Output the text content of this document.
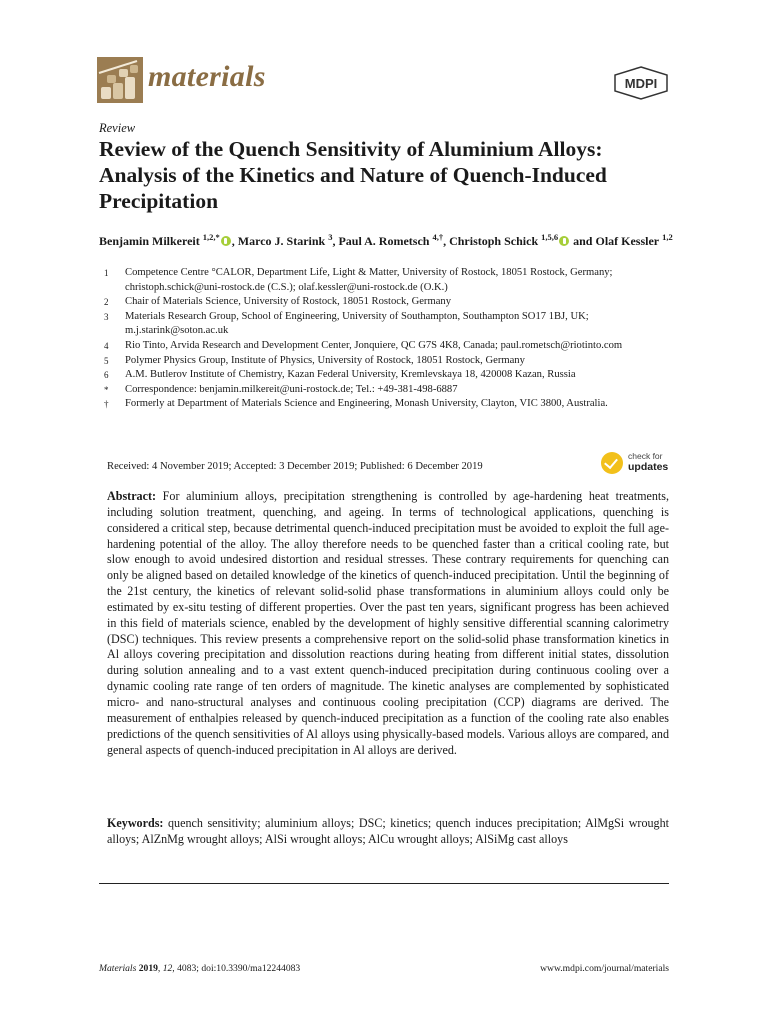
materials	MDPI
Review
Review of the Quench Sensitivity of Aluminium Alloys: Analysis of the Kinetics and Nature of Quench-Induced Precipitation
Benjamin Milkereit $^{1,2,*}$ , Marco J. Starink $^3$, Paul A. Rometsch $^{4,\dagger}$, Christoph Schick $^{1,5,6}$ and Olaf Kessler $^{1,2}$
1	Competence Centre °CALOR, Department Life, Light & Matter, University of Rostock, 18051 Rostock, Germany; christoph.schick@uni-rostock.de (C.S.); olaf.kessler@uni-rostock.de (O.K.)
2	Chair of Materials Science, University of Rostock, 18051 Rostock, Germany
3	Materials Research Group, School of Engineering, University of Southampton, Southampton SO17 1BJ, UK; m.j.starink@soton.ac.uk
4	Rio Tinto, Arvida Research and Development Center, Jonquiere, QC G7S 4K8, Canada; paul.rometsch@riotinto.com
5	Polymer Physics Group, Institute of Physics, University of Rostock, 18051 Rostock, Germany
6	A.M. Butlerov Institute of Chemistry, Kazan Federal University, Kremlevskaya 18, 420008 Kazan, Russia
*	Correspondence: benjamin.milkereit@uni-rostock.de; Tel.: +49-381-498-6887
†	Formerly at Department of Materials Science and Engineering, Monash University, Clayton, VIC 3800, Australia.
Received: 4 November 2019; Accepted: 3 December 2019; Published: 6 December 2019
check for
updates
Abstract: For aluminium alloys, precipitation strengthening is controlled by age-hardening heat treatments, including solution treatment, quenching, and ageing. In terms of technological applications, quenching is considered a critical step, because detrimental quench-induced precipitation must be avoided to exploit the full age-hardening potential of the alloy. The alloy therefore needs to be quenched faster than a critical cooling rate, but slow enough to avoid undesired distortion and residual stresses. These contrary requirements for quenching can only be aligned based on detailed knowledge of the kinetics of quench-induced precipitation. Until the beginning of the 21st century, the kinetics of relevant solid-solid phase transformations in aluminium alloys could only be estimated by ex-situ testing of different properties. Over the past ten years, significant progress has been achieved in this field of materials science, enabled by the development of highly sensitive differential scanning calorimetry (DSC) techniques. This review presents a comprehensive report on the solid-solid phase transformation kinetics in Al alloys covering precipitation and dissolution reactions during heating from different initial states, dissolution during solution annealing and to a vast extent quench-induced precipitation during continuous cooling over a dynamic cooling rate range of ten orders of magnitude. The kinetic analyses are complemented by sophisticated micro- and nano-structural analyses and continuous cooling precipitation (CCP) diagrams are derived. The measurement of enthalpies released by quench-induced precipitation as a function of the cooling rate also enables predictions of the quench sensitivities of Al alloys using physically-based models. Various alloys are compared, and general aspects of quench-induced precipitation in Al alloys are derived.
Keywords: quench sensitivity; aluminium alloys; DSC; kinetics; quench induces precipitation; AlMgSi wrought alloys; AlZnMg wrought alloys; AlSi wrought alloys; AlCu wrought alloys; AlSiMg cast alloys
Materials 2019, 12, 4083; doi:10.3390/ma12244083	www.mdpi.com/journal/materials
